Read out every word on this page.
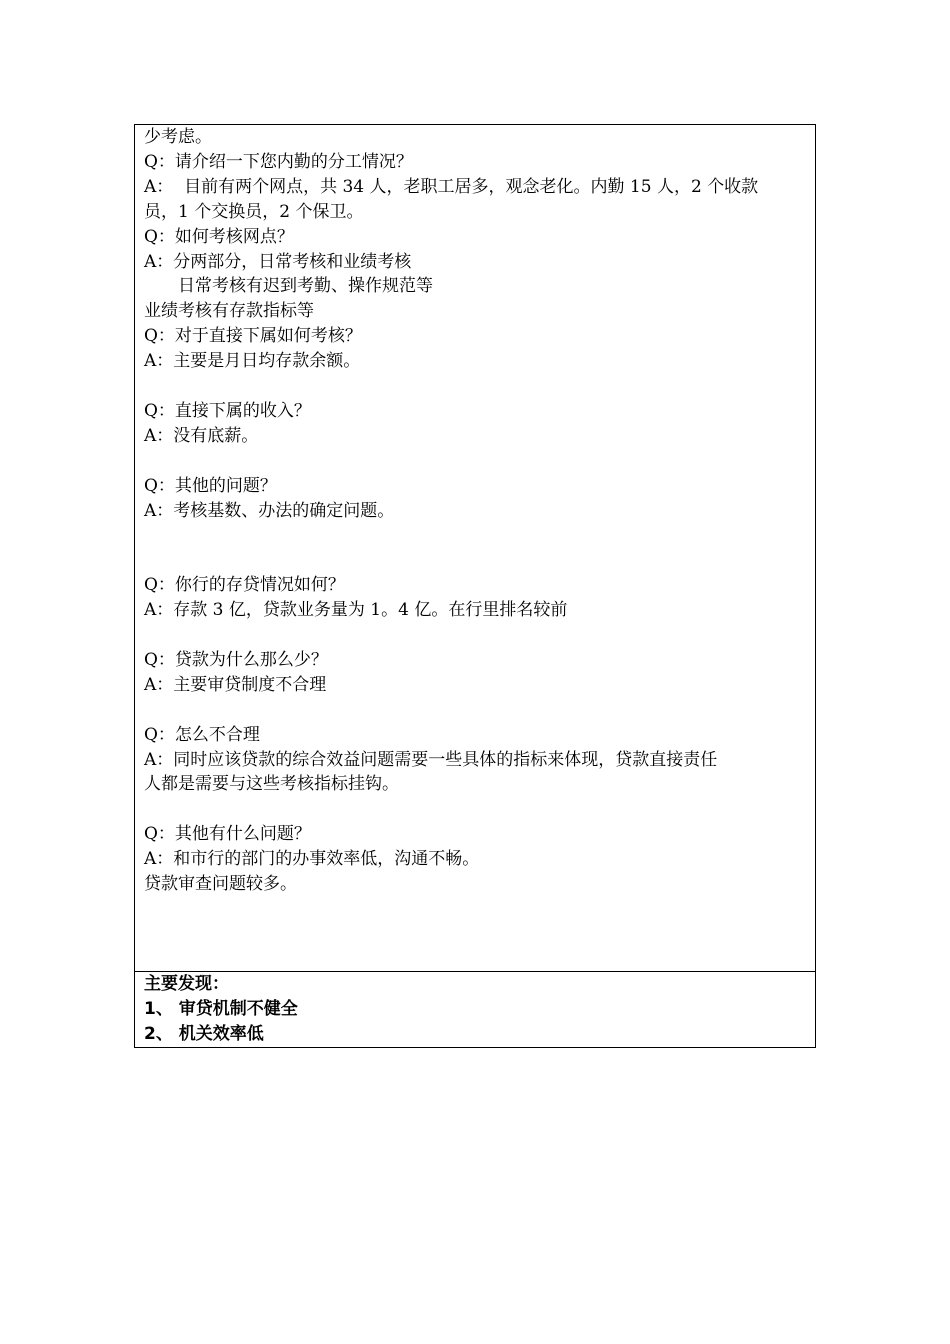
少考虑。

Q：请介绍一下您内勤的分工情况？

A：  目前有两个网点，共 34 人，老职工居多，观念老化。内勤 15 人，2 个收款

员，1 个交换员，2 个保卫。

Q：如何考核网点？

A：分两部分，日常考核和业绩考核

日常考核有迟到考勤、操作规范等

业绩考核有存款指标等

Q：对于直接下属如何考核？

A：主要是月日均存款余额。

Q：直接下属的收入？

A：没有底薪。

Q：其他的问题？

A：考核基数、办法的确定问题。

Q：你行的存贷情况如何？

A：存款 3 亿，贷款业务量为 1。4 亿。在行里排名较前

Q：贷款为什么那么少？

A：主要审贷制度不合理

Q：怎么不合理

A：同时应该贷款的综合效益问题需要一些具体的指标来体现，贷款直接责任

人都是需要与这些考核指标挂钩。

Q：其他有什么问题？

A：和市行的部门的办事效率低，沟通不畅。

贷款审查问题较多。

主要发现：

1、 审贷机制不健全

2、 机关效率低
